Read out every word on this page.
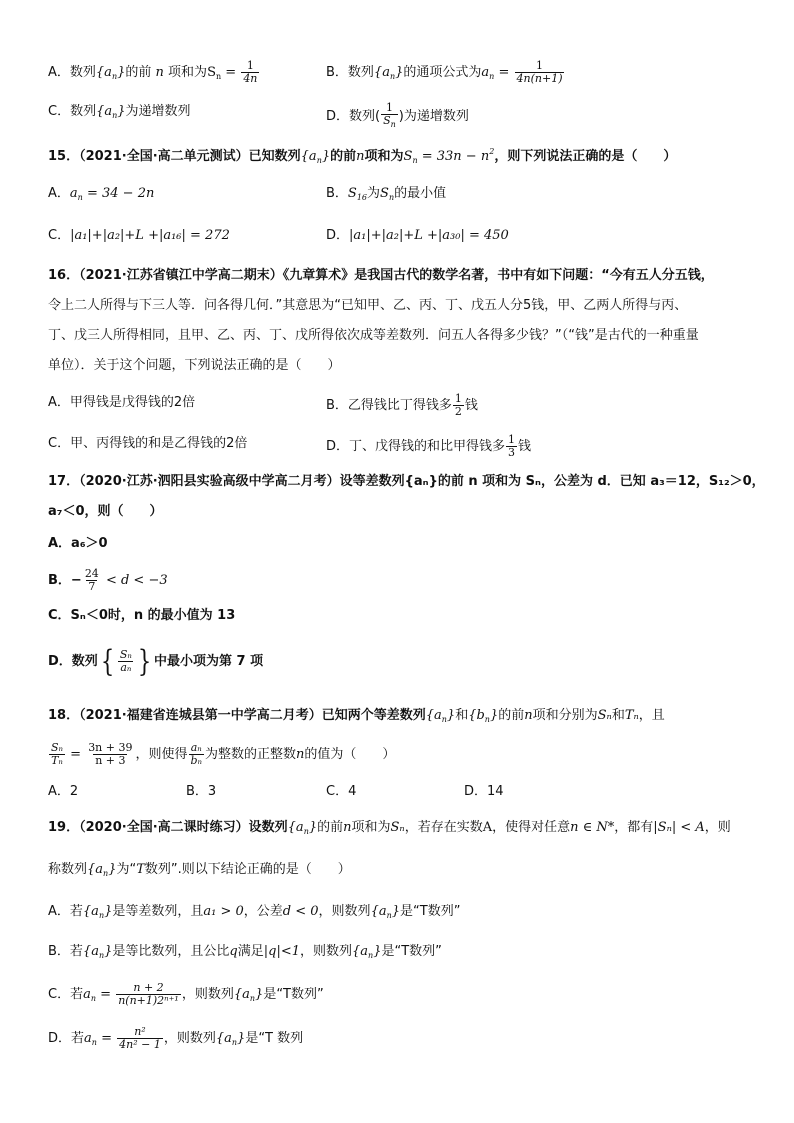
A．数列$\{a_n\}$的前 n 项和为$S_n = \frac{1}{4n}$	B．数列$\{a_n\}$的通项公式为$a_n = \frac{1}{4n(n+1)}$
C．数列$\{a_n\}$为递增数列	D．数列( $\frac{1}{S_n}$ )为递增数列
15．（2021·全国·高二单元测试）已知数列$\{a_n\}$的前n项和为$S_n = 33n - n^2$，则下列说法正确的是（　　）
A．$a_n = 34 - 2n$	B．$S_{16}$为$S_n$的最小值
C．|a₁|+|a₂|+L +|a₁₆| = 272	D．|a₁|+|a₂|+L +|a₃₀| = 450
16．（2021·江苏省镇江中学高二期末）《九章算术》是我国古代的数学名著，书中有如下问题：“今有五人分五钱，
令上二人所得与下三人等．问各得几何．”其意思为“已知甲、乙、丙、丁、戊五人分5钱，甲、乙两人所得与丙、
丁、戊三人所得相同，且甲、乙、丙、丁、戊所得依次成等差数列．问五人各得多少钱？”（“钱”是古代的一种重量
单位）．关于这个问题，下列说法正确的是（　　）
A．甲得钱是戊得钱的2倍	B．乙得钱比丁得钱多 $\frac{1}{2}$ 钱
C．甲、丙得钱的和是乙得钱的2倍	D．丁、戊得钱的和比甲得钱多 $\frac{1}{3}$ 钱
17．（2020·江苏·泗阳县实验高级中学高二月考）设等差数列{aₙ}的前 n 项和为 Sₙ，公差为 d．已知 a₃＝12，S₁₂＞0，
a₇＜0，则（　　）
A．a₆＞0
B．− $\frac{24}{7} < d < -3$
C．Sₙ＜0时，n 的最小值为 13
D．数列 { $\frac{\text{Sₙ}}{\text{aₙ}}$ } 中最小项为第 7 项
18．（2021·福建省连城县第一中学高二月考）已知两个等差数列$\{a_n\}$和$\{b_n\}$的前n项和分别为Sₙ和Tₙ，且
$\frac{\text{Sₙ}}{\text{Tₙ}} = \frac{3n + 39}{n + 3}$ ，则使得 $\frac{\text{aₙ}}{\text{bₙ}}$ 为整数的正整数n的值为（　　）
A．2	B．3	C．4	D．14
19．（2020·全国·高二课时练习）设数列$\{a_n\}$的前n项和为Sₙ，若存在实数A，使得对任意n ∈ N*，都有|Sₙ| < A，则
称数列$\{a_n\}$为“T数列”.则以下结论正确的是（　　）
A．若$\{a_n\}$是等差数列，且a₁ > 0，公差d < 0，则数列$\{a_n\}$是“T数列”
B．若$\{a_n\}$是等比数列，且公比q满足|q|<1，则数列$\{a_n\}$是“T数列”
C．若$a_n = \frac{n + 2}{\text{n(n+1)2ⁿ⁺¹}}$ ，则数列$\{a_n\}$是“T数列”
D．若$a_n = \frac{\text{n²}}{\text{4n² − 1}}$ ，则数列$\{a_n\}$是“T 数列
